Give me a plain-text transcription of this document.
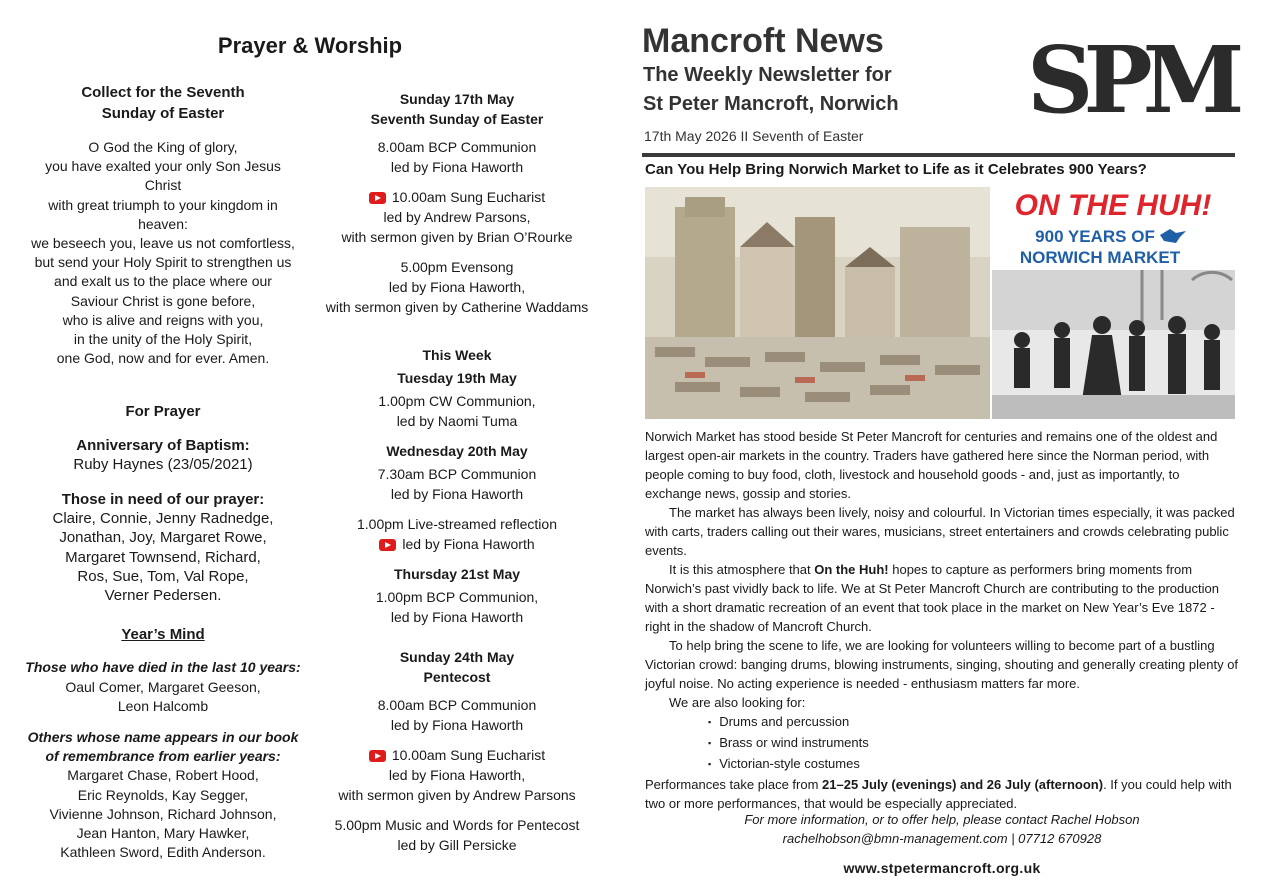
Prayer & Worship
Collect for the Seventh
Sunday of Easter
O God the King of glory,
you have exalted your only Son Jesus
Christ
with great triumph to your kingdom in
heaven:
we beseech you, leave us not comfortless,
but send your Holy Spirit to strengthen us
and exalt us to the place where our
Saviour Christ is gone before,
who is alive and reigns with you,
in the unity of the Holy Spirit,
one God, now and for ever. Amen.
For Prayer
Anniversary of Baptism:
Ruby Haynes (23/05/2021)
Those in need of our prayer:
Claire, Connie, Jenny Radnedge,
Jonathan, Joy, Margaret Rowe,
Margaret Townsend, Richard,
Ros, Sue, Tom, Val Rope,
Verner Pedersen.
Year’s Mind
Those who have died in the last 10 years:
Oaul Comer, Margaret Geeson,
Leon Halcomb
Others whose name appears in our book
of remembrance from earlier years:
Margaret Chase, Robert Hood,
Eric Reynolds, Kay Segger,
Vivienne Johnson, Richard Johnson,
Jean Hanton, Mary Hawker,
Kathleen Sword, Edith Anderson.
Sunday 17th May
Seventh Sunday of Easter
8.00am BCP Communion
led by Fiona Haworth
10.00am Sung Eucharist
led by Andrew Parsons,
with sermon given by Brian O’Rourke
5.00pm Evensong
led by Fiona Haworth,
with sermon given by Catherine Waddams
This Week
Tuesday 19th May
1.00pm CW Communion,
led by Naomi Tuma
Wednesday 20th May
7.30am BCP Communion
led by Fiona Haworth
1.00pm Live-streamed reflection
led by Fiona Haworth
Thursday 21st May
1.00pm BCP Communion,
led by Fiona Haworth
Sunday 24th May
Pentecost
8.00am BCP Communion
led by Fiona Haworth
10.00am Sung Eucharist
led by Fiona Haworth,
with sermon given by Andrew Parsons
5.00pm Music and Words for Pentecost
led by Gill Persicke
Mancroft News
The Weekly Newsletter for
St Peter Mancroft, Norwich
17th May 2026 II Seventh of Easter
SPM
Can You Help Bring Norwich Market to Life as it Celebrates 900 Years?
ON THE HUH!
900 YEARS OF
NORWICH MARKET

Norwich Market has stood beside St Peter Mancroft for centuries and remains one of the oldest and largest open-air markets in the country. Traders have gathered here since the Norman period, with people coming to buy food, cloth, livestock and household goods - and, just as importantly, to exchange news, gossip and stories.

The market has always been lively, noisy and colourful. In Victorian times especially, it was packed with carts, traders calling out their wares, musicians, street entertainers and crowds celebrating public events.

It is this atmosphere that On the Huh! hopes to capture as performers bring moments from Norwich’s past vividly back to life. We at St Peter Mancroft Church are contributing to the production with a short dramatic recreation of an event that took place in the market on New Year’s Eve 1872 - right in the shadow of Mancroft Church.

To help bring the scene to life, we are looking for volunteers willing to become part of a bustling Victorian crowd: banging drums, blowing instruments, singing, shouting and generally creating plenty of joyful noise. No acting experience is needed - enthusiasm matters far more.

We are also looking for:

▪ Drums and percussion
▪ Brass or wind instruments
▪ Victorian-style costumes

Performances take place from 21–25 July (evenings) and 26 July (afternoon). If you could help with two or more performances, that would be especially appreciated.

For more information, or to offer help, please contact Rachel Hobson
rachelhobson@bmn-management.com | 07712 670928
www.stpetermancroft.org.uk
